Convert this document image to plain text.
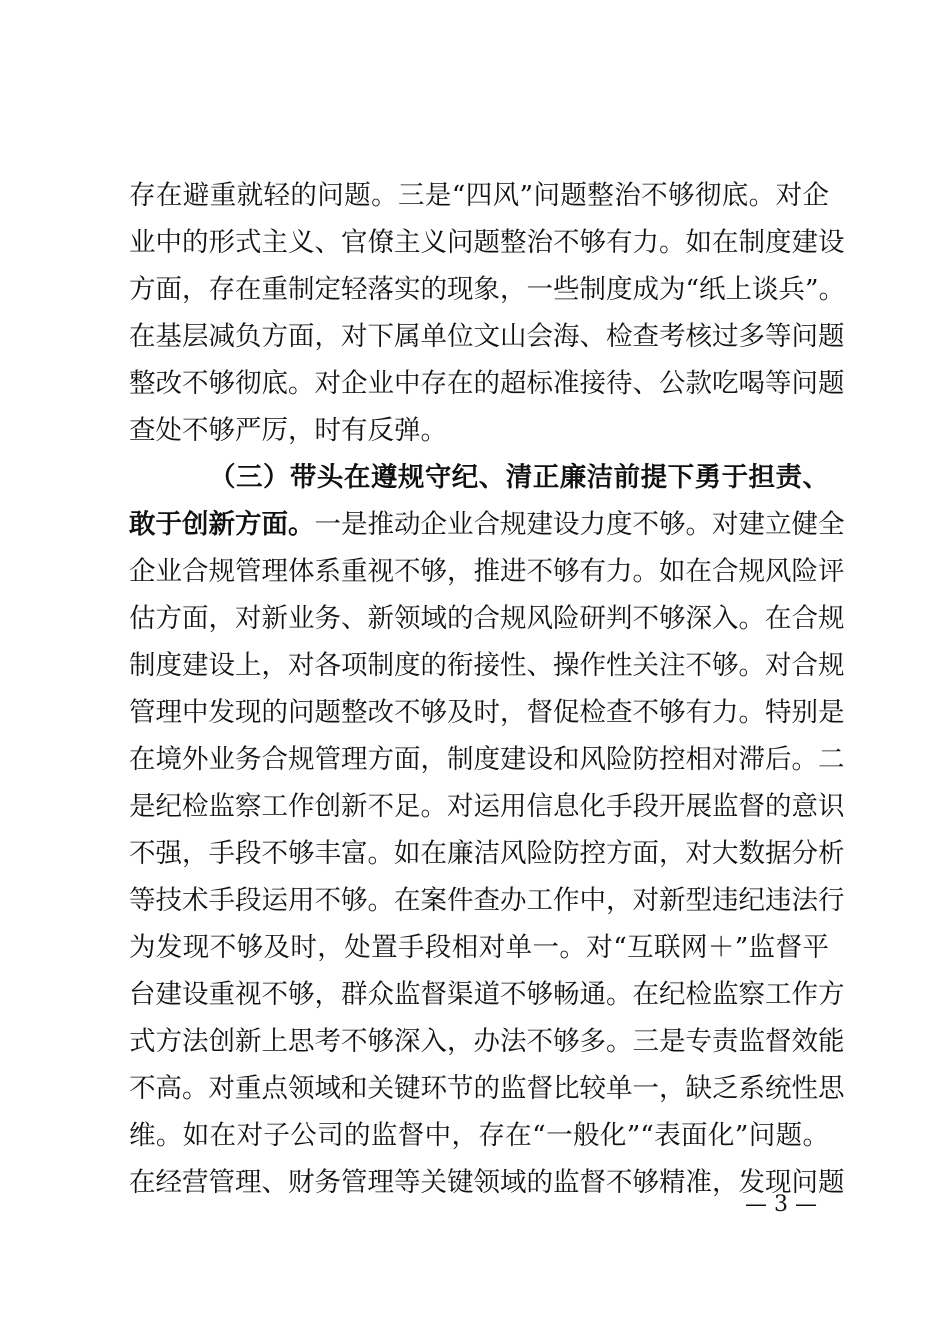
存在避重就轻的问题。三是“四风”问题整治不够彻底。对企
业中的形式主义、官僚主义问题整治不够有力。如在制度建设
方面，存在重制定轻落实的现象，一些制度成为“纸上谈兵”。
在基层减负方面，对下属单位文山会海、检查考核过多等问题
整改不够彻底。对企业中存在的超标准接待、公款吃喝等问题
查处不够严厉，时有反弹。
（三）带头在遵规守纪、清正廉洁前提下勇于担责、
敢于创新方面。一是推动企业合规建设力度不够。对建立健全
企业合规管理体系重视不够，推进不够有力。如在合规风险评
估方面，对新业务、新领域的合规风险研判不够深入。在合规
制度建设上，对各项制度的衔接性、操作性关注不够。对合规
管理中发现的问题整改不够及时，督促检查不够有力。特别是
在境外业务合规管理方面，制度建设和风险防控相对滞后。二
是纪检监察工作创新不足。对运用信息化手段开展监督的意识
不强，手段不够丰富。如在廉洁风险防控方面，对大数据分析
等技术手段运用不够。在案件查办工作中，对新型违纪违法行
为发现不够及时，处置手段相对单一。对“互联网＋”监督平
台建设重视不够，群众监督渠道不够畅通。在纪检监察工作方
式方法创新上思考不够深入，办法不够多。三是专责监督效能
不高。对重点领域和关键环节的监督比较单一，缺乏系统性思
维。如在对子公司的监督中，存在“一般化”“表面化”问题。
在经营管理、财务管理等关键领域的监督不够精准，发现问题
— 3 —
